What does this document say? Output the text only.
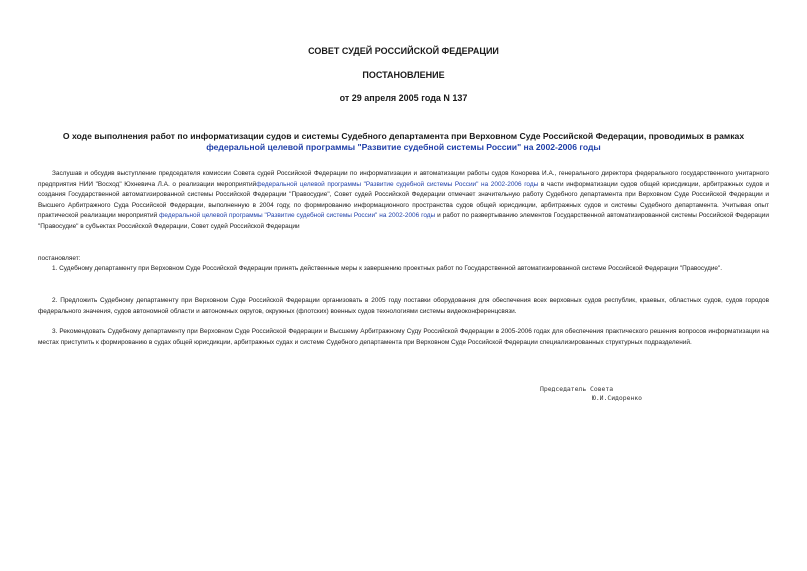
СОВЕТ СУДЕЙ РОССИЙСКОЙ ФЕДЕРАЦИИ
ПОСТАНОВЛЕНИЕ
от 29 апреля 2005 года N 137
О ходе выполнения работ по информатизации судов и системы Судебного департамента при Верховном Суде Российской Федерации, проводимых в рамках федеральной целевой программы "Развитие судебной системы России" на 2002-2006 годы
Заслушав и обсудив выступление председателя комиссии Совета судей Российской Федерации по информатизации и автоматизации работы судов Конорева И.А., генерального директора федерального государственного унитарного предприятия НИИ "Восход" Юхневича Л.А. о реализации мероприятийфедеральной целевой программы "Развитие судебной системы России" на 2002-2006 годы в части информатизации судов общей юрисдикции, арбитражных судов и создания Государственной автоматизированной системы Российской Федерации "Правосудие", Совет судей Российской Федерации отмечает значительную работу Судебного департамента при Верховном Суде Российской Федерации и Высшего Арбитражного Суда Российской Федерации, выполненную в 2004 году, по формированию информационного пространства судов общей юрисдикции, арбитражных судов и системы Судебного департамента. Учитывая опыт практической реализации мероприятий федеральной целевой программы "Развитие судебной системы России" на 2002-2006 годы и работ по развертыванию элементов Государственной автоматизированной системы Российской Федерации "Правосудие" в субъектах Российской Федерации, Совет судей Российской Федерации
постановляет:
1. Судебному департаменту при Верховном Суде Российской Федерации принять действенные меры к завершению проектных работ по Государственной автоматизированной системе Российской Федерации "Правосудие".
2. Предложить Судебному департаменту при Верховном Суде Российской Федерации организовать в 2005 году поставки оборудования для обеспечения всех верховных судов республик, краевых, областных судов, судов городов федерального значения, судов автономной области и автономных округов, окружных (флотских) военных судов технологиями системы видеоконференцсвязи.
3. Рекомендовать Судебному департаменту при Верховном Суде Российской Федерации и Высшему Арбитражному Суду Российской Федерации в 2005-2006 годах для обеспечения практического решения вопросов информатизации на местах приступить к формированию в судах общей юрисдикции, арбитражных судах и системе Судебного департамента при Верховном Суде Российской Федерации специализированных структурных подразделений.
Председатель Совета
Ю.И.Сидоренко
